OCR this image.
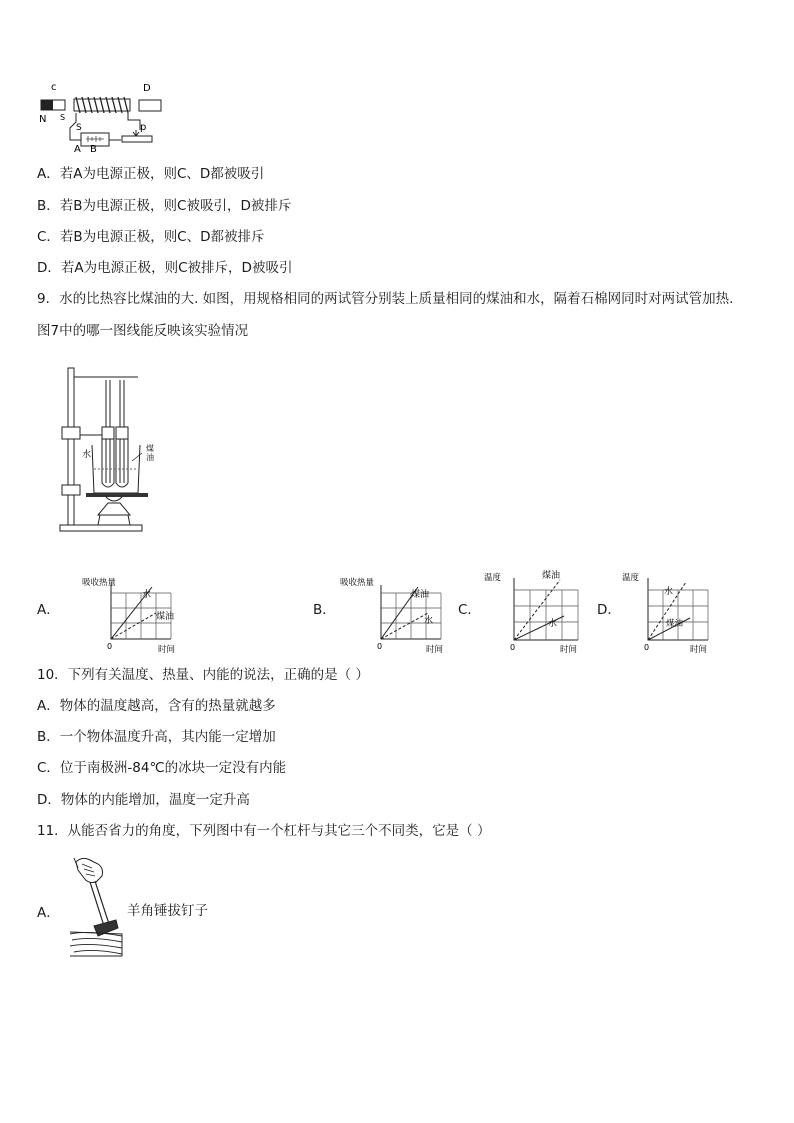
c	D
N S
S	p
A B
A．若A为电源正极，则C、D都被吸引
B．若B为电源正极，则C被吸引，D被排斥
C．若B为电源正极，则C、D都被排斥
D．若A为电源正极，则C被排斥，D被吸引
9．水的比热容比煤油的大. 如图，用规格相同的两试管分别装上质量相同的煤油和水，隔着石棉网同时对两试管加热.
图7中的哪一图线能反映该实验情况
水
煤油
A．	B．	C．	D．
吸收热量
水
煤油
0	时间
吸收热量
煤油
水
0	时间
温度	煤油
水
0	时间
温度
水
煤油
0	时间
10．下列有关温度、热量、内能的说法，正确的是（ ）
A．物体的温度越高，含有的热量就越多
B．一个物体温度升高，其内能一定增加
C．位于南极洲-84℃的冰块一定没有内能
D．物体的内能增加，温度一定升高
11．从能否省力的角度，下列图中有一个杠杆与其它三个不同类，它是（ ）
A．	羊角锤拔钉子
